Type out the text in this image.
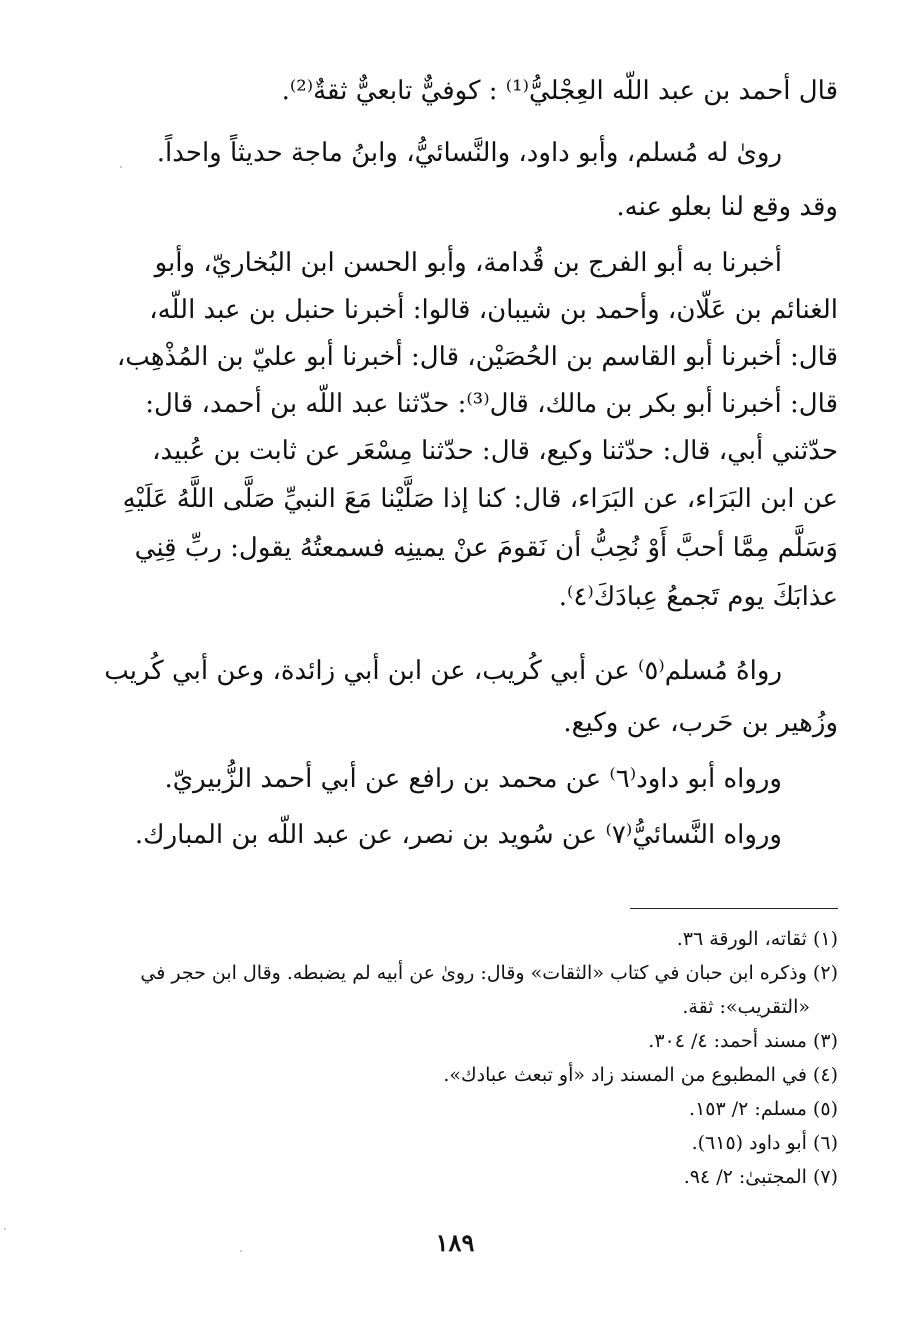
قال أحمد بن عبد اللّه العِجْليُّ⁽¹⁾ : كوفيٌّ تابعيٌّ ثقةٌ⁽²⁾.
روىٰ له مُسلم، وأبو داود، والنَّسائيُّ، وابنُ ماجة حديثاً واحداً.
وقد وقع لنا بعلو عنه.
أخبرنا به أبو الفرج بن قُدامة، وأبو الحسن ابن البُخاريّ، وأبو
الغنائم بن عَلّان، وأحمد بن شيبان، قالوا: أخبرنا حنبل بن عبد اللّه،
قال: أخبرنا أبو القاسم بن الحُصَيْن، قال: أخبرنا أبو عليّ بن المُذْهِب،
قال: أخبرنا أبو بكر بن مالك، قال⁽³⁾: حدّثنا عبد اللّه بن أحمد، قال:
حدّثني أبي، قال: حدّثنا وكيع، قال: حدّثنا مِسْعَر عن ثابت بن عُبيد،
عن ابن البَرَاء، عن البَرَاء، قال: كنا إذا صَلَّيْنا مَعَ النبيِّ صَلَّى اللَّهُ عَلَيْهِ
وَسَلَّم مِمَّا أحبَّ أَوْ نُحِبُّ أن نَقومَ عنْ يمينِه فسمعتُهُ يقول: ربِّ قِنِي
عذابَكَ يوم تَجمعُ عِبادَكَ⁽٤⁾.
رواهُ مُسلم⁽٥⁾ عن أبي كُريب، عن ابن أبي زائدة، وعن أبي كُريب
وزُهير بن حَرب، عن وكيع.
ورواه أبو داود⁽٦⁾ عن محمد بن رافع عن أبي أحمد الزُّبيريّ.
ورواه النَّسائيُّ⁽٧⁾ عن سُويد بن نصر، عن عبد اللّه بن المبارك.
(١) ثقاته، الورقة ٣٦.
(٢) وذكره ابن حبان في كتاب «الثقات» وقال: روىٰ عن أبيه لم يضبطه. وقال ابن حجر في
«التقريب»: ثقة.
(٣) مسند أحمد: ٤/ ٣٠٤.
(٤) في المطبوع من المسند زاد «أو تبعث عبادك».
(٥) مسلم: ٢/ ١٥٣.
(٦) أبو داود (٦١٥).
(٧) المجتبىٰ: ٢/ ٩٤.
١٨٩
